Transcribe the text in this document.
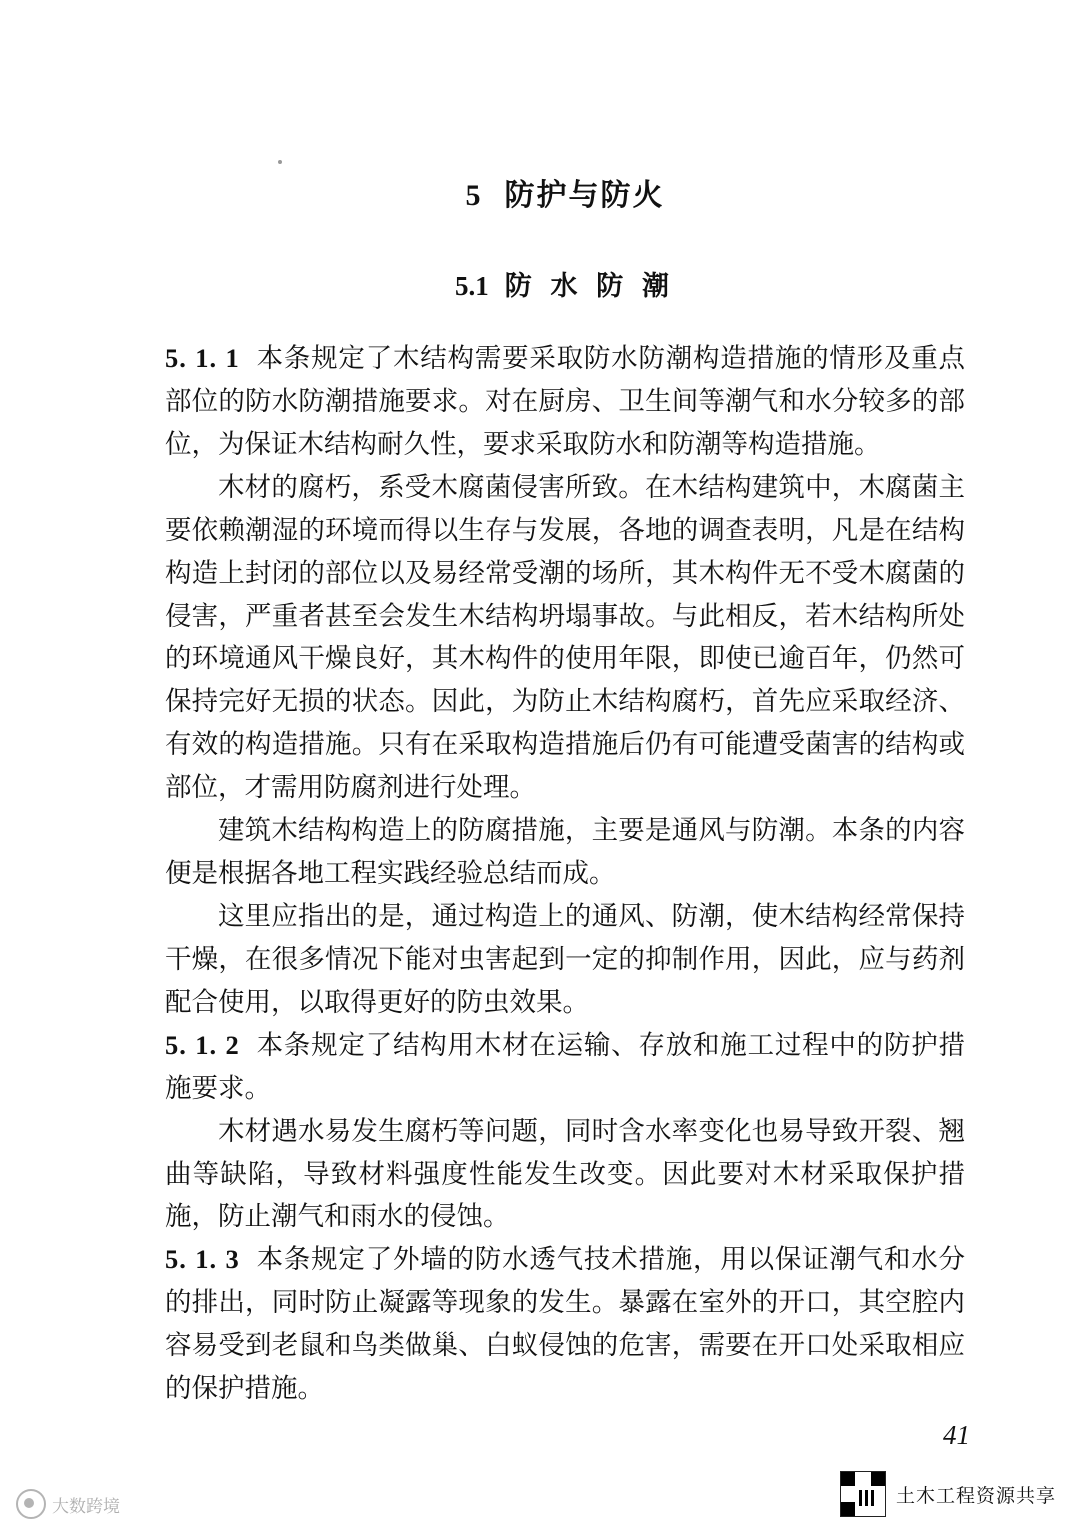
5 防护与防火
5.1 防 水 防 潮

5. 1. 1 本条规定了木结构需要采取防水防潮构造措施的情形及重点部位的防水防潮措施要求。对在厨房、卫生间等潮气和水分较多的部位，为保证木结构耐久性，要求采取防水和防潮等构造措施。

木材的腐朽，系受木腐菌侵害所致。在木结构建筑中，木腐菌主要依赖潮湿的环境而得以生存与发展，各地的调查表明，凡是在结构构造上封闭的部位以及易经常受潮的场所，其木构件无不受木腐菌的侵害，严重者甚至会发生木结构坍塌事故。与此相反，若木结构所处的环境通风干燥良好，其木构件的使用年限，即使已逾百年，仍然可保持完好无损的状态。因此，为防止木结构腐朽，首先应采取经济、有效的构造措施。只有在采取构造措施后仍有可能遭受菌害的结构或部位，才需用防腐剂进行处理。

建筑木结构构造上的防腐措施，主要是通风与防潮。本条的内容便是根据各地工程实践经验总结而成。

这里应指出的是，通过构造上的通风、防潮，使木结构经常保持干燥，在很多情况下能对虫害起到一定的抑制作用，因此，应与药剂配合使用，以取得更好的防虫效果。

5. 1. 2 本条规定了结构用木材在运输、存放和施工过程中的防护措施要求。

木材遇水易发生腐朽等问题，同时含水率变化也易导致开裂、翘曲等缺陷，导致材料强度性能发生改变。因此要对木材采取保护措施，防止潮气和雨水的侵蚀。

5. 1. 3 本条规定了外墙的防水透气技术措施，用以保证潮气和水分的排出，同时防止凝露等现象的发生。暴露在室外的开口，其空腔内容易受到老鼠和鸟类做巢、白蚁侵蚀的危害，需要在开口处采取相应的保护措施。

41
土木工程资源共享
大数跨境
